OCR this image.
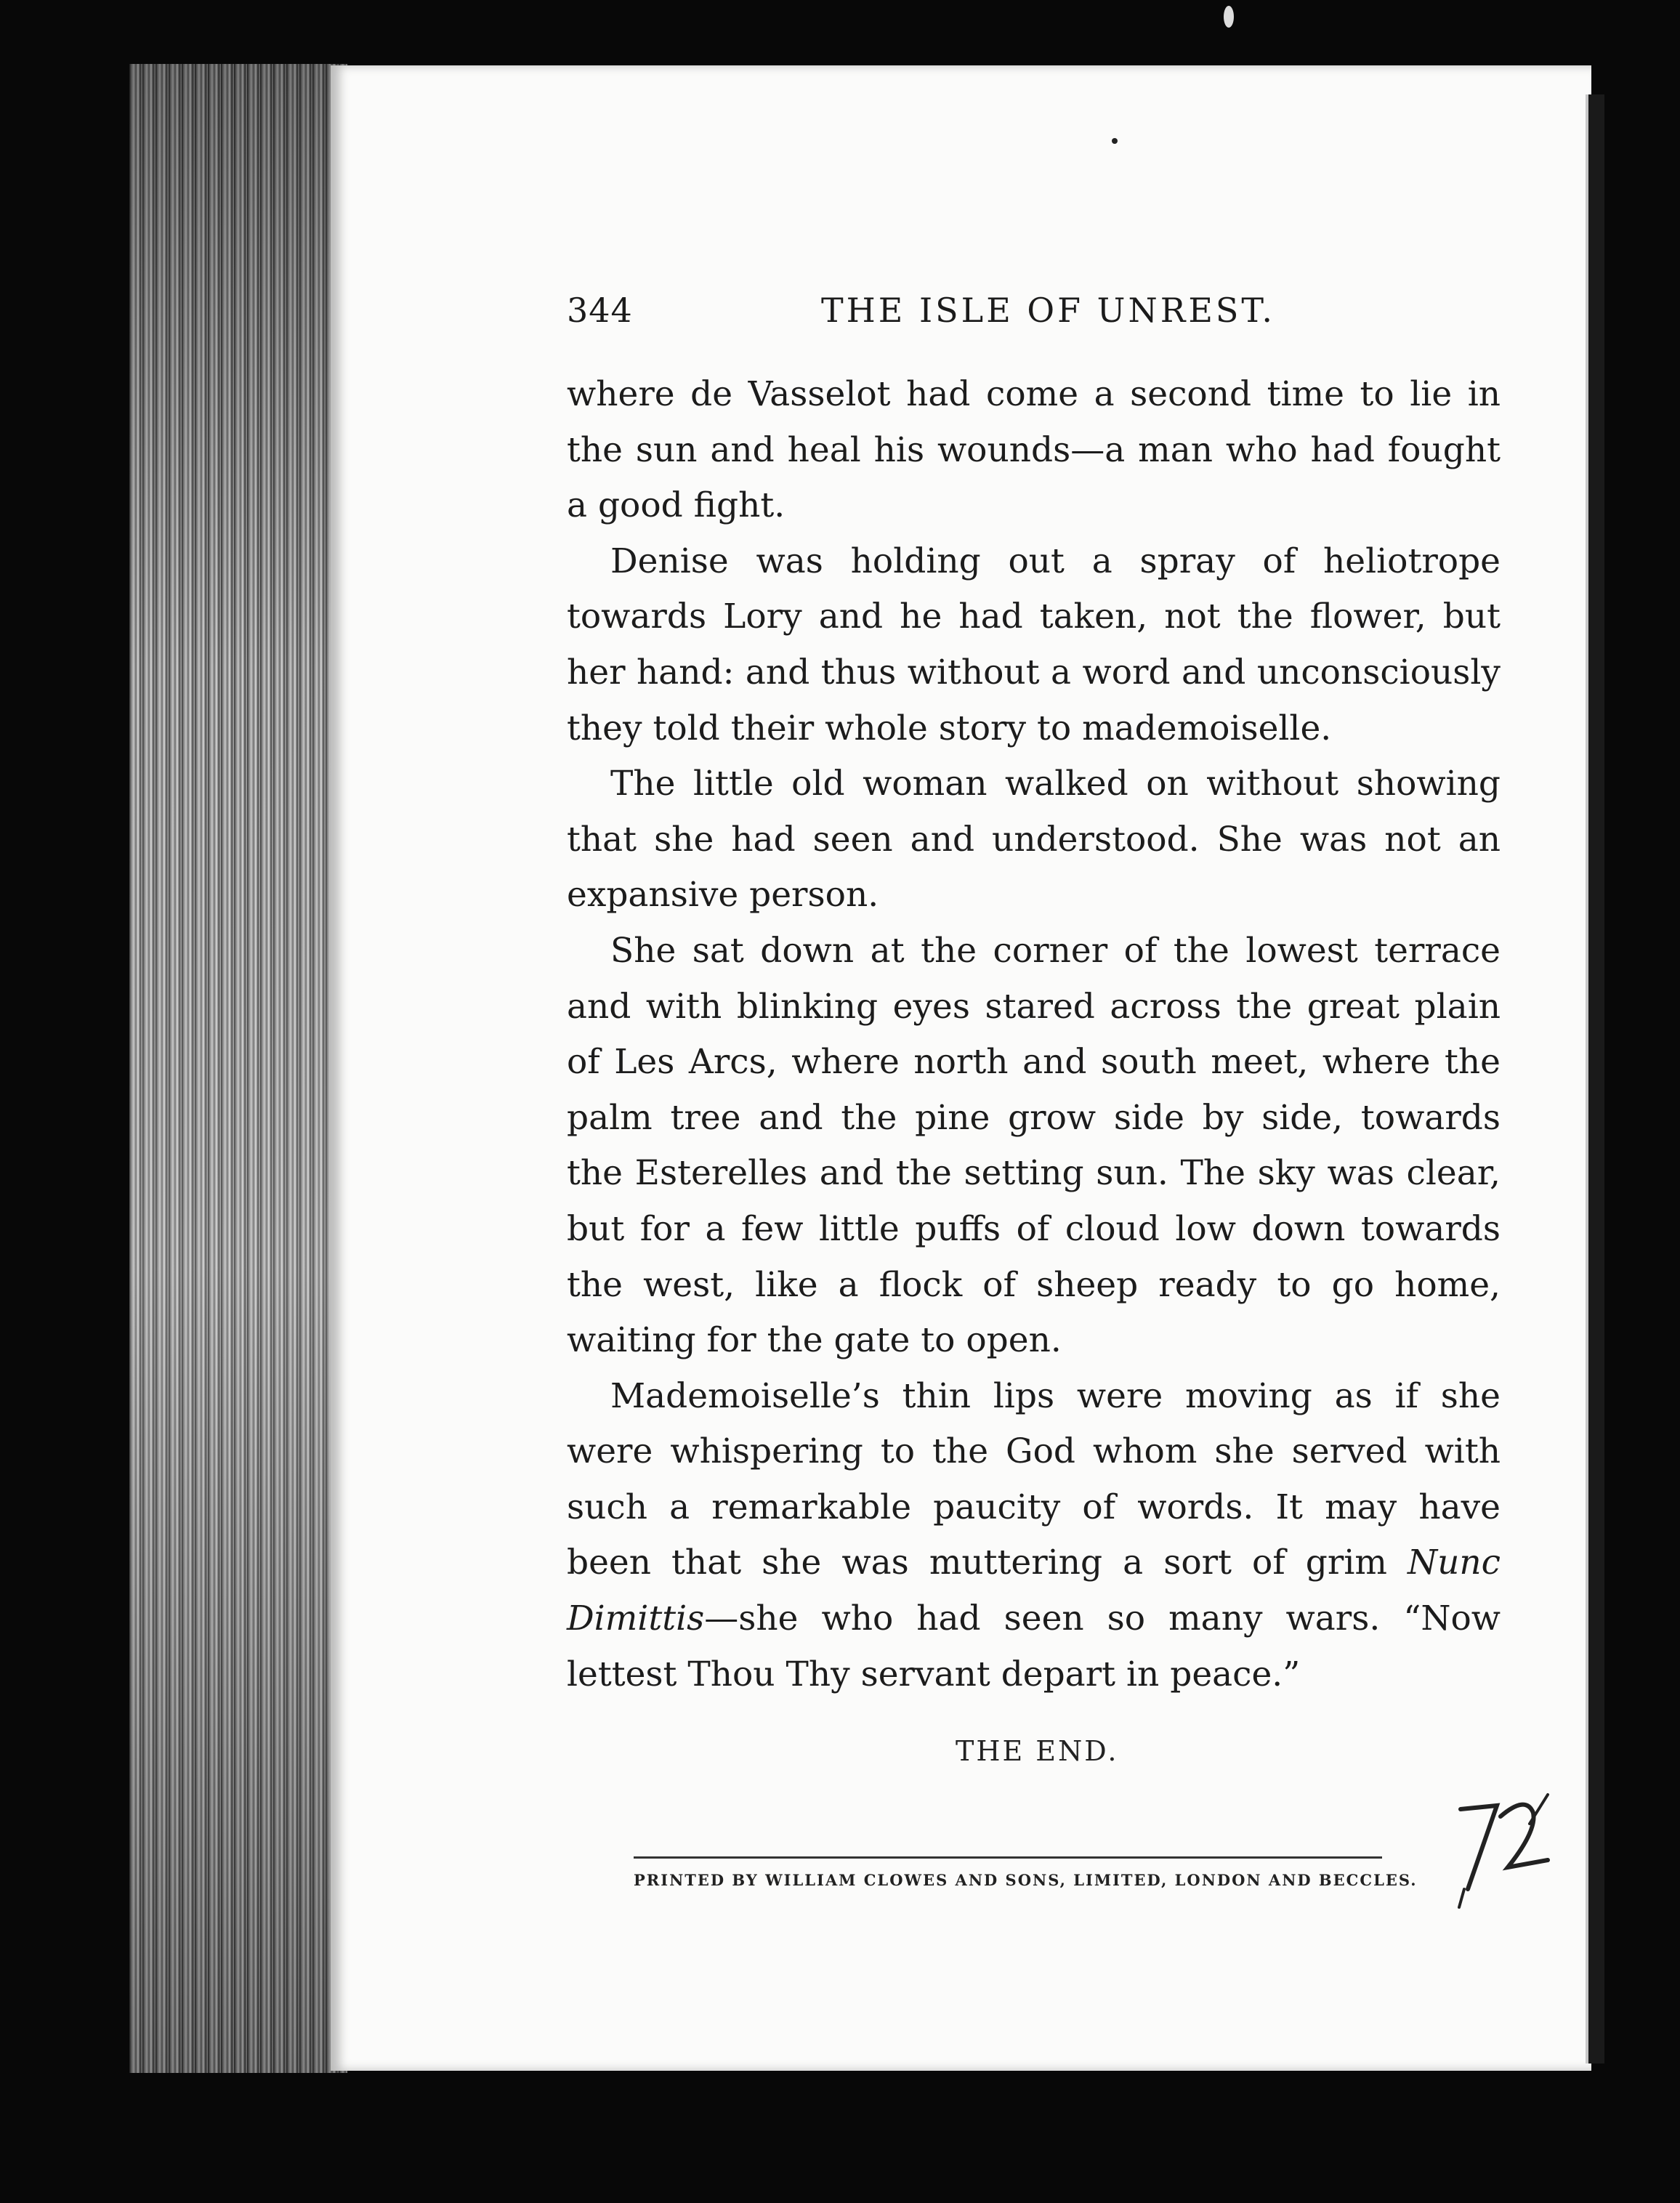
344	THE ISLE OF UNREST.

where de Vasselot had come a second time to lie in the sun and heal his wounds—a man who had fought a good fight.

Denise was holding out a spray of heliotrope towards Lory and he had taken, not the flower, but her hand: and thus without a word and unconsciously they told their whole story to mademoiselle.

The little old woman walked on without showing that she had seen and understood. She was not an expansive person.

She sat down at the corner of the lowest terrace and with blinking eyes stared across the great plain of Les Arcs, where north and south meet, where the palm tree and the pine grow side by side, towards the Esterelles and the setting sun. The sky was clear, but for a few little puffs of cloud low down towards the west, like a flock of sheep ready to go home, waiting for the gate to open.

Mademoiselle’s thin lips were moving as if she were whispering to the God whom she served with such a remarkable paucity of words. It may have been that she was muttering a sort of grim Nunc Dimittis—she who had seen so many wars. “Now lettest Thou Thy servant depart in peace.”

THE END.
PRINTED BY WILLIAM CLOWES AND SONS, LIMITED, LONDON AND BECCLES.
